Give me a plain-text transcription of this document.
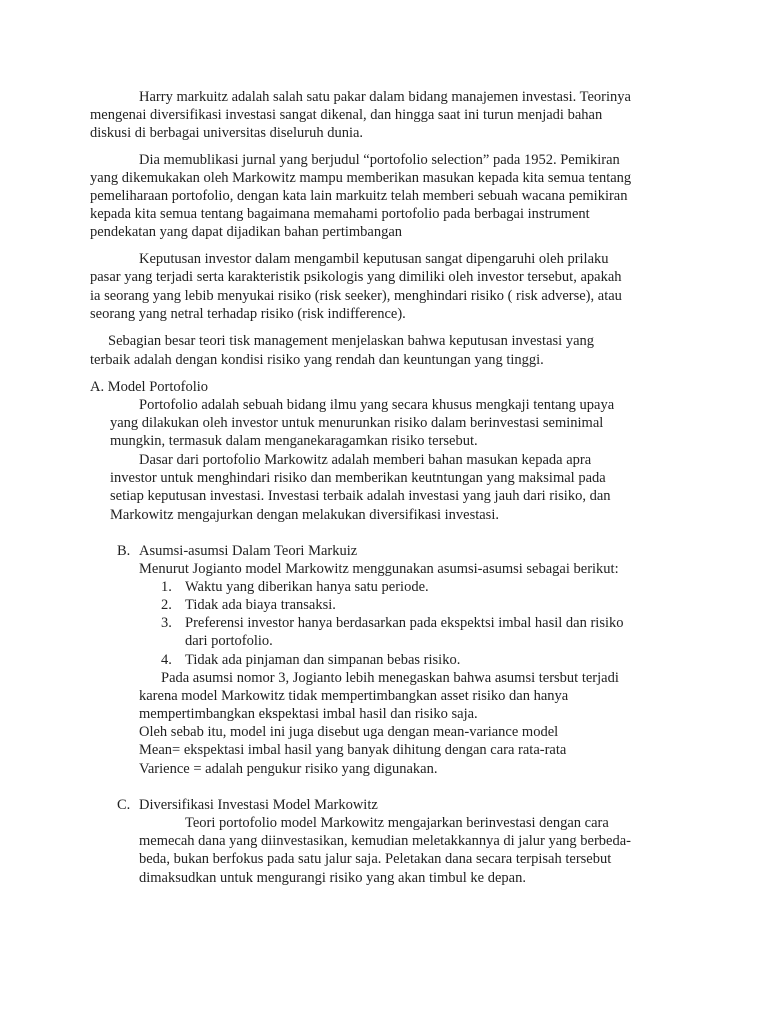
Harry markuitz adalah salah satu pakar dalam bidang manajemen investasi. Teorinya
mengenai diversifikasi investasi sangat dikenal, dan hingga saat ini turun menjadi bahan
diskusi di berbagai universitas diseluruh dunia.
Dia memublikasi jurnal yang berjudul “portofolio selection” pada 1952. Pemikiran
yang dikemukakan oleh Markowitz mampu memberikan masukan kepada kita semua tentang
pemeliharaan portofolio, dengan kata lain markuitz telah memberi sebuah wacana pemikiran
kepada kita semua tentang bagaimana memahami portofolio pada berbagai instrument
pendekatan yang dapat dijadikan bahan pertimbangan
Keputusan investor dalam mengambil keputusan sangat dipengaruhi oleh prilaku
pasar yang terjadi serta karakteristik psikologis yang dimiliki oleh investor tersebut, apakah
ia seorang yang lebib menyukai risiko (risk seeker), menghindari risiko ( risk adverse), atau
seorang yang netral terhadap risiko (risk indifference).
Sebagian besar teori tisk management menjelaskan bahwa keputusan investasi yang
terbaik adalah dengan kondisi risiko yang rendah dan keuntungan yang tinggi.
A. Model Portofolio
Portofolio adalah sebuah bidang ilmu yang secara khusus mengkaji tentang upaya
yang dilakukan oleh investor untuk menurunkan risiko dalam berinvestasi seminimal
mungkin, termasuk dalam menganekaragamkan risiko tersebut.
Dasar dari portofolio Markowitz adalah memberi bahan masukan kepada apra
investor untuk menghindari risiko dan memberikan keutntungan yang maksimal pada
setiap keputusan investasi. Investasi terbaik adalah investasi yang jauh dari risiko, dan
Markowitz mengajurkan dengan melakukan diversifikasi investasi.
B. Asumsi-asumsi Dalam Teori Markuiz
Menurut Jogianto model Markowitz menggunakan asumsi-asumsi sebagai berikut:
1. Waktu yang diberikan hanya satu periode.
2. Tidak ada biaya transaksi.
3. Preferensi investor hanya berdasarkan pada ekspektsi imbal hasil dan risiko
dari portofolio.
4. Tidak ada pinjaman dan simpanan bebas risiko.
Pada asumsi nomor 3, Jogianto lebih menegaskan bahwa asumsi tersbut terjadi
karena model Markowitz tidak mempertimbangkan asset risiko dan hanya
mempertimbangkan ekspektasi imbal hasil dan risiko saja.
Oleh sebab itu, model ini juga disebut uga dengan mean-variance model
Mean= ekspektasi imbal hasil yang banyak dihitung dengan cara rata-rata
Varience = adalah pengukur risiko yang digunakan.
C. Diversifikasi Investasi Model Markowitz
Teori portofolio model Markowitz mengajarkan berinvestasi dengan cara
memecah dana yang diinvestasikan, kemudian meletakkannya di jalur yang berbeda-
beda, bukan berfokus pada satu jalur saja. Peletakan dana secara terpisah tersebut
dimaksudkan untuk mengurangi risiko yang akan timbul ke depan.
